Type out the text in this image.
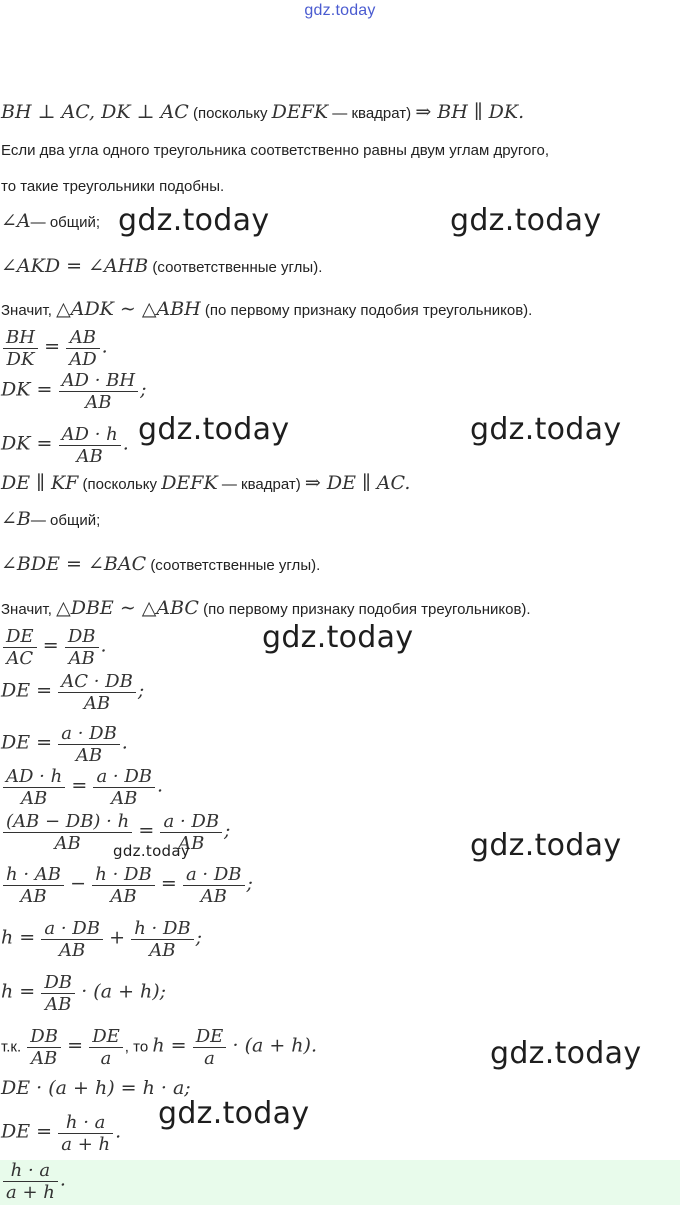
gdz.today
BH ⊥ AC, DK ⊥ AC (поскольку DEFK — квадрат) ⇒ BH ∥ DK.
Если два угла одного треугольника соответственно равны двум углам другого,
то такие треугольники подобны.
∠A— общий;
∠AKD = ∠AHB (соответственные углы).
Значит, △ADK ∼ △ABH (по первому признаку подобия треугольников).
$\frac{BH}{DK} = \frac{AB}{AD}$ .
DK = $\frac{AD \cdot BH}{AB}$ ;
DK = $\frac{AD \cdot h}{AB}$ .
DE ∥ KF (поскольку DEFK — квадрат) ⇒ DE ∥ AC.
∠B— общий;
∠BDE = ∠BAC (соответственные углы).
Значит, △DBE ∼ △ABC (по первому признаку подобия треугольников).
$\frac{DE}{AC} = \frac{DB}{AB}$ .
DE = $\frac{AC \cdot DB}{AB}$ ;
DE = $\frac{a \cdot DB}{AB}$ .
$\frac{AD \cdot h}{AB} = \frac{a \cdot DB}{AB}$ .
$\frac{(AB - DB) \cdot h}{AB} = \frac{a \cdot DB}{AB}$ ;
$\frac{h \cdot AB}{AB} - \frac{h \cdot DB}{AB} = \frac{a \cdot DB}{AB}$ ;
$h = \frac{a \cdot DB}{AB} + \frac{h \cdot DB}{AB}$ ;
$h = \frac{DB}{AB} \cdot (a + h)$;
т.к. $\frac{DB}{AB} = \frac{DE}{a}$ , то $h = \frac{DE}{a} \cdot (a + h)$.
DE · (a + h) = h · a;
DE = $\frac{h \cdot a}{a + h}$ .
$\frac{h \cdot a}{a + h}$ .
gdz.today	gdz.today
gdz.today	gdz.today
gdz.today
gdz.today
gdz.today
gdz.today
gdz.today
